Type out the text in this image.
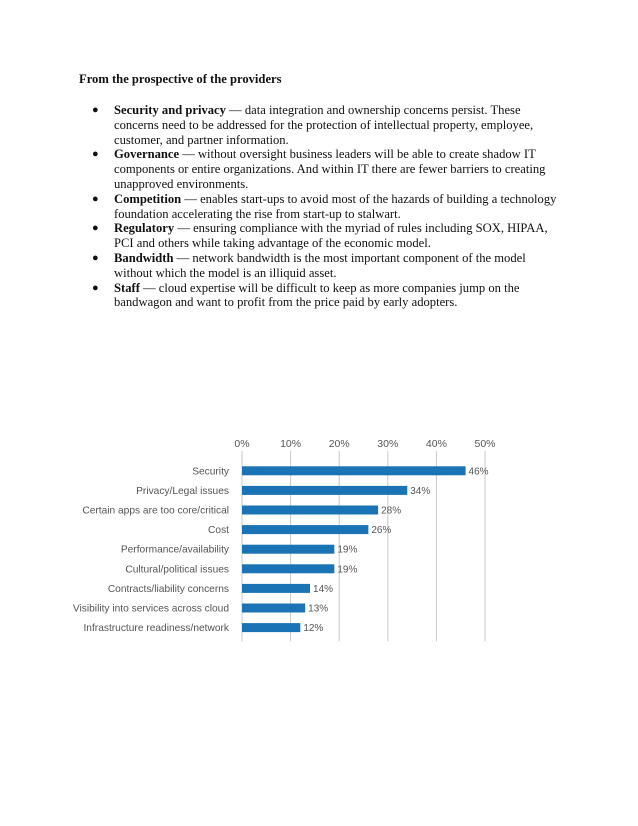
From the prospective of the providers
● Security and privacy — data integration and ownership concerns persist. These concerns need to be addressed for the protection of intellectual property, employee, customer, and partner information.
● Governance — without oversight business leaders will be able to create shadow IT components or entire organizations. And within IT there are fewer barriers to creating unapproved environments.
● Competition — enables start-ups to avoid most of the hazards of building a technology foundation accelerating the rise from start-up to stalwart.
● Regulatory — ensuring compliance with the myriad of rules including SOX, HIPAA, PCI and others while taking advantage of the economic model.
● Bandwidth — network bandwidth is the most important component of the model without which the model is an illiquid asset.
● Staff — cloud expertise will be difficult to keep as more companies jump on the bandwagon and want to profit from the price paid by early adopters.
0%	10%	20%	30%	40%	50%
Security	46%
Privacy/Legal issues	34%
Certain apps are too core/critical	28%
Cost	26%
Performance/availability	19%
Cultural/political issues	19%
Contracts/liability concerns	14%
Visibility into services across cloud	13%
Infrastructure readiness/network	12%
